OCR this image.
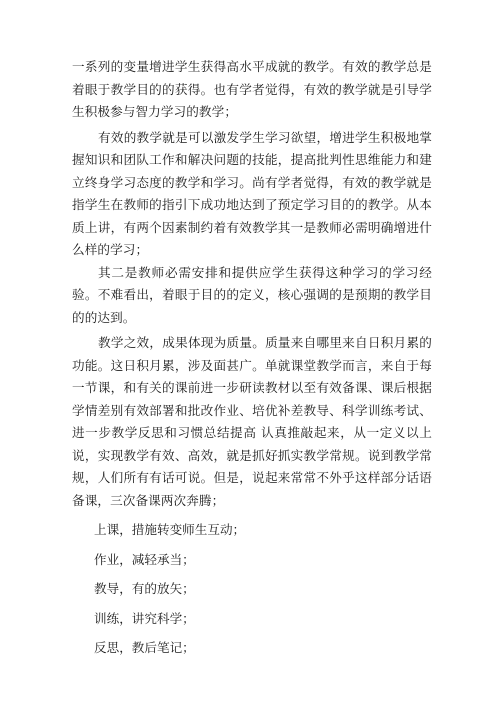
一系列的变量增进学生获得高水平成就的教学。有效的教学总是着眼于教学目的的获得。也有学者觉得，有效的教学就是引导学生积极参与智力学习的教学；

有效的教学就是可以激发学生学习欲望，增进学生积极地掌握知识和团队工作和解决问题的技能，提高批判性思维能力和建立终身学习态度的教学和学习。尚有学者觉得，有效的教学就是指学生在教师的指引下成功地达到了预定学习目的的教学。从本质上讲，有两个因素制约着有效教学其一是教师必需明确增进什么样的学习；

其二是教师必需安排和提供应学生获得这种学习的学习经验。不难看出，着眼于目的的定义，核心强调的是预期的教学目的的达到。

教学之效，成果体现为质量。质量来自哪里来自日积月累的功能。这日积月累，涉及面甚广。单就课堂教学而言，来自于每一节课，和有关的课前进一步研读教材以至有效备课、课后根据学情差别有效部署和批改作业、培优补差教导、科学训练考试、进一步教学反思和习惯总结提高 认真推敲起来，从一定义以上说，实现教学有效、高效，就是抓好抓实教学常规。说到教学常规，人们所有有话可说。但是，说起来常常不外乎这样部分话语备课，三次备课两次奔腾；

上课，措施转变师生互动；

作业，减轻承当；

教导，有的放矢；

训练，讲究科学；

反思，教后笔记；
